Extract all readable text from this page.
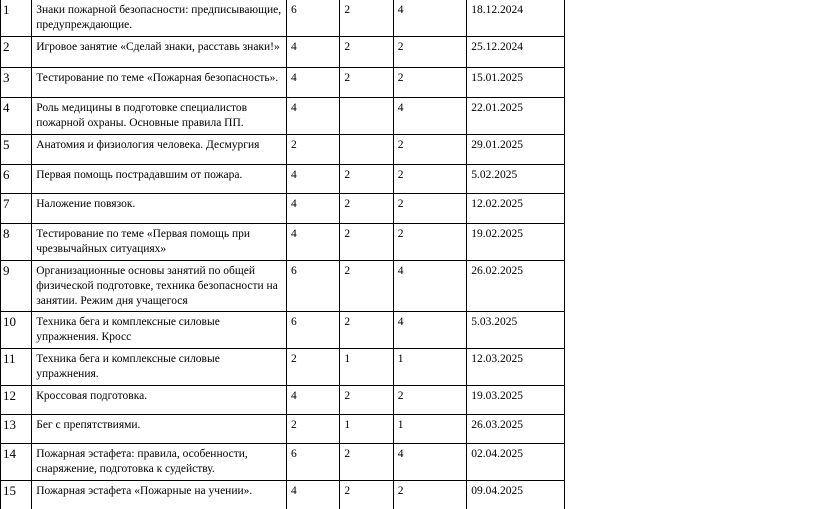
1	Знаки пожарной безопасности: предписывающие, предупреждающие.	6	2	4	18.12.2024
2	Игровое занятие «Сделай знаки, расставь знаки!»	4	2	2	25.12.2024
3	Тестирование по теме «Пожарная безопасность».	4	2	2	15.01.2025
4	Роль медицины в подготовке специалистов пожарной охраны. Основные правила ПП.	4		4	22.01.2025
5	Анатомия и физиология человека. Десмургия	2		2	29.01.2025
6	Первая помощь пострадавшим от пожара.	4	2	2	5.02.2025
7	Наложение повязок.	4	2	2	12.02.2025
8	Тестирование по теме «Первая помощь при чрезвычайных ситуациях»	4	2	2	19.02.2025
9	Организационные основы занятий по общей физической подготовке, техника безопасности на занятии. Режим дня учащегося	6	2	4	26.02.2025
10	Техника бега и комплексные силовые упражнения. Кросс	6	2	4	5.03.2025
11	Техника бега и комплексные силовые упражнения.	2	1	1	12.03.2025
12	Кроссовая подготовка.	4	2	2	19.03.2025
13	Бег с препятствиями.	2	1	1	26.03.2025
14	Пожарная эстафета: правила, особенности, снаряжение, подготовка к судейству.	6	2	4	02.04.2025
15	Пожарная эстафета «Пожарные на учении».	4	2	2	09.04.2025
